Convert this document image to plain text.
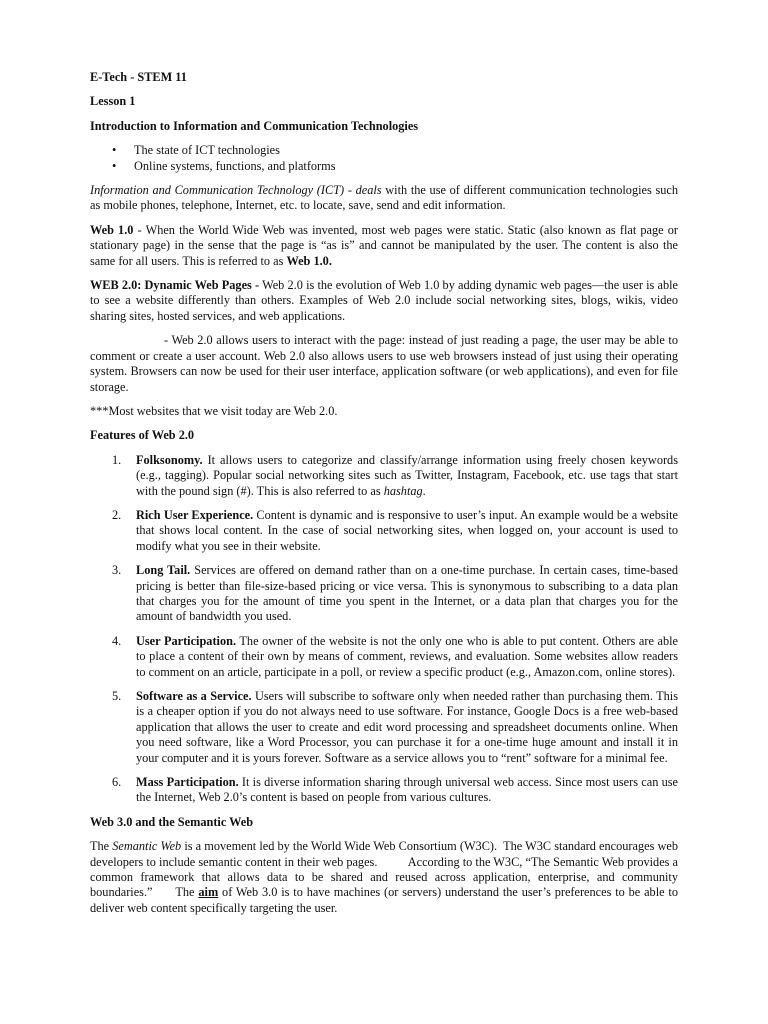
E-Tech - STEM 11

Lesson 1

Introduction to Information and Communication Technologies

• The state of ICT technologies
• Online systems, functions, and platforms

Information and Communication Technology (ICT) - deals with the use of different communication technologies such as mobile phones, telephone, Internet, etc. to locate, save, send and edit information.

Web 1.0 - When the World Wide Web was invented, most web pages were static. Static (also known as flat page or stationary page) in the sense that the page is “as is” and cannot be manipulated by the user. The content is also the same for all users. This is referred to as Web 1.0.

WEB 2.0: Dynamic Web Pages - Web 2.0 is the evolution of Web 1.0 by adding dynamic web pages—the user is able to see a website differently than others. Examples of Web 2.0 include social networking sites, blogs, wikis, video sharing sites, hosted services, and web applications.

- Web 2.0 allows users to interact with the page: instead of just reading a page, the user may be able to comment or create a user account. Web 2.0 also allows users to use web browsers instead of just using their operating system. Browsers can now be used for their user interface, application software (or web applications), and even for file storage.

***Most websites that we visit today are Web 2.0.

Features of Web 2.0

1. Folksonomy. It allows users to categorize and classify/arrange information using freely chosen keywords (e.g., tagging). Popular social networking sites such as Twitter, Instagram, Facebook, etc. use tags that start with the pound sign (#). This is also referred to as hashtag.
2. Rich User Experience. Content is dynamic and is responsive to user’s input. An example would be a website that shows local content. In the case of social networking sites, when logged on, your account is used to modify what you see in their website.
3. Long Tail. Services are offered on demand rather than on a one-time purchase. In certain cases, time-based pricing is better than file-size-based pricing or vice versa. This is synonymous to subscribing to a data plan that charges you for the amount of time you spent in the Internet, or a data plan that charges you for the amount of bandwidth you used.
4. User Participation. The owner of the website is not the only one who is able to put content. Others are able to place a content of their own by means of comment, reviews, and evaluation. Some websites allow readers to comment on an article, participate in a poll, or review a specific product (e.g., Amazon.com, online stores).
5. Software as a Service. Users will subscribe to software only when needed rather than purchasing them. This is a cheaper option if you do not always need to use software. For instance, Google Docs is a free web-based application that allows the user to create and edit word processing and spreadsheet documents online. When you need software, like a Word Processor, you can purchase it for a one-time huge amount and install it in your computer and it is yours forever. Software as a service allows you to “rent” software for a minimal fee.
6. Mass Participation. It is diverse information sharing through universal web access. Since most users can use the Internet, Web 2.0’s content is based on people from various cultures.

Web 3.0 and the Semantic Web

The Semantic Web is a movement led by the World Wide Web Consortium (W3C).  The W3C standard encourages web developers to include semantic content in their web pages.          According to the W3C, “The Semantic Web provides a common framework that allows data to be shared and reused across application, enterprise, and community boundaries.”      The aim of Web 3.0 is to have machines (or servers) understand the user’s preferences to be able to deliver web content specifically targeting the user.
